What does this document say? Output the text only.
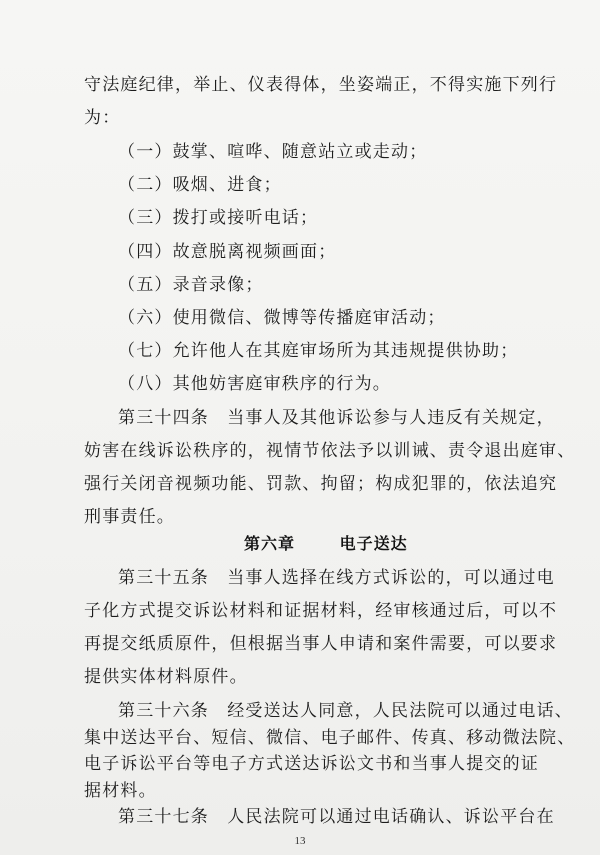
守法庭纪律，举止、仪表得体，坐姿端正，不得实施下列行
为：
（一）鼓掌、喧哗、随意站立或走动；
（二）吸烟、进食；
（三）拨打或接听电话；
（四）故意脱离视频画面；
（五）录音录像；
（六）使用微信、微博等传播庭审活动；
（七）允许他人在其庭审场所为其违规提供协助；
（八）其他妨害庭审秩序的行为。
第三十四条　当事人及其他诉讼参与人违反有关规定，
妨害在线诉讼秩序的，视情节依法予以训诫、责令退出庭审、
强行关闭音视频功能、罚款、拘留；构成犯罪的，依法追究
刑事责任。
第六章	电子送达
第三十五条　当事人选择在线方式诉讼的，可以通过电
子化方式提交诉讼材料和证据材料，经审核通过后，可以不
再提交纸质原件，但根据当事人申请和案件需要，可以要求
提供实体材料原件。
第三十六条　经受送达人同意，人民法院可以通过电话、
集中送达平台、短信、微信、电子邮件、传真、移动微法院、
电子诉讼平台等电子方式送达诉讼文书和当事人提交的证
据材料。
13
第三十七条　人民法院可以通过电话确认、诉讼平台在
